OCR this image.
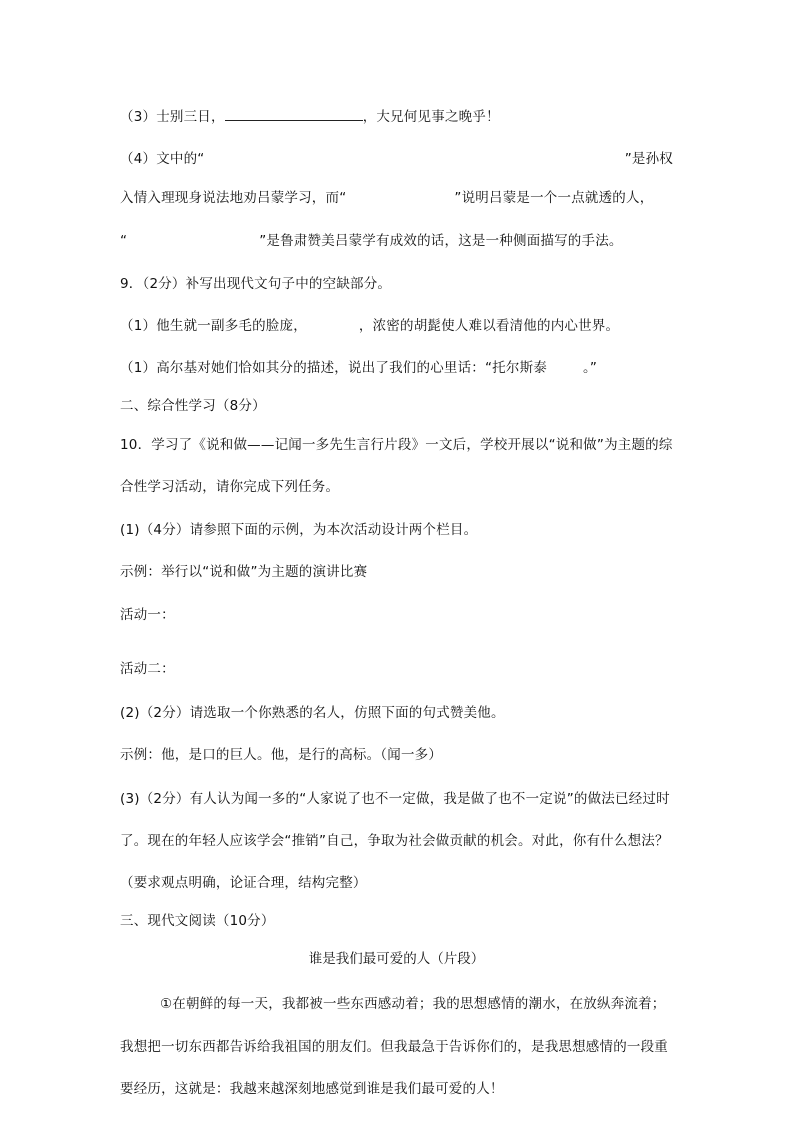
（3）士别三日，	，大兄何见事之晚乎！
（4）文中的“	”是孙权
入情入理现身说法地劝吕蒙学习，而“	”说明吕蒙是一个一点就透的人，
“	”是鲁肃赞美吕蒙学有成效的话，这是一种侧面描写的手法。
9．（2分）补写出现代文句子中的空缺部分。
（1）他生就一副多毛的脸庞，	，浓密的胡髭使人难以看清他的内心世界。
（1）高尔基对她们恰如其分的描述，说出了我们的心里话：“托尔斯泰	。”
二、综合性学习（8分）
10．学习了《说和做——记闻一多先生言行片段》一文后，学校开展以“说和做”为主题的综
合性学习活动，请你完成下列任务。
(1)（4分）请参照下面的示例，为本次活动设计两个栏目。
示例：举行以“说和做”为主题的演讲比赛
活动一：
活动二：
(2)（2分）请选取一个你熟悉的名人，仿照下面的句式赞美他。
示例：他，是口的巨人。他，是行的高标。（闻一多）
(3)（2分）有人认为闻一多的“人家说了也不一定做，我是做了也不一定说”的做法已经过时
了。现在的年轻人应该学会“推销”自己，争取为社会做贡献的机会。对此，你有什么想法？
（要求观点明确，论证合理，结构完整）
三、现代文阅读（10分）
谁是我们最可爱的人（片段）
①在朝鲜的每一天，我都被一些东西感动着；我的思想感情的潮水，在放纵奔流着；
我想把一切东西都告诉给我祖国的朋友们。但我最急于告诉你们的，是我思想感情的一段重
要经历，这就是：我越来越深刻地感觉到谁是我们最可爱的人！
